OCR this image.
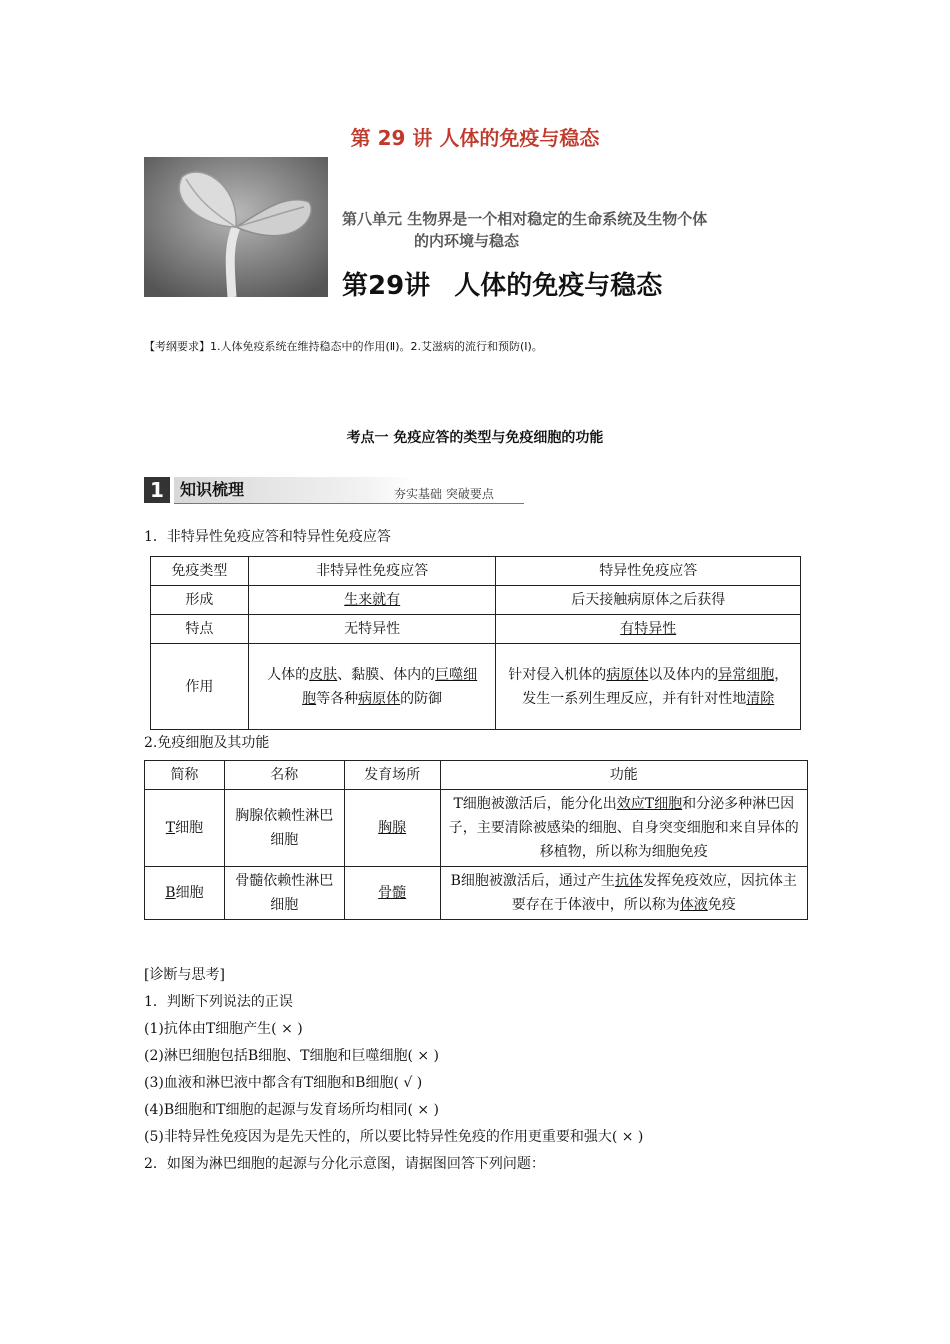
第 29 讲 人体的免疫与稳态
第八单元 生物界是一个相对稳定的生命系统及生物个体
的内环境与稳态
第29讲 人体的免疫与稳态
【考纲要求】1.人体免疫系统在维持稳态中的作用(Ⅱ)。2.艾滋病的流行和预防(Ⅰ)。
考点一 免疫应答的类型与免疫细胞的功能
1	知识梳理	夯实基础 突破要点
1．非特异性免疫应答和特异性免疫应答
免疫类型	非特异性免疫应答	特异性免疫应答
形成	生来就有	后天接触病原体之后获得
特点	无特异性	有特异性
作用	人体的皮肤、黏膜、体内的巨噬细胞等各种病原体的防御	针对侵入机体的病原体以及体内的异常细胞，发生一系列生理反应，并有针对性地清除
2.免疫细胞及其功能
简称	名称	发育场所	功能
T细胞	胸腺依赖性淋巴细胞	胸腺	T细胞被激活后，能分化出效应T细胞和分泌多种淋巴因子，主要清除被感染的细胞、自身突变细胞和来自异体的移植物，所以称为细胞免疫
B细胞	骨髓依赖性淋巴细胞	骨髓	B细胞被激活后，通过产生抗体发挥免疫效应，因抗体主要存在于体液中，所以称为体液免疫
[诊断与思考]
1．判断下列说法的正误
(1)抗体由T细胞产生( × )
(2)淋巴细胞包括B细胞、T细胞和巨噬细胞( × )
(3)血液和淋巴液中都含有T细胞和B细胞( √ )
(4)B细胞和T细胞的起源与发育场所均相同( × )
(5)非特异性免疫因为是先天性的，所以要比特异性免疫的作用更重要和强大( × )
2．如图为淋巴细胞的起源与分化示意图，请据图回答下列问题：
